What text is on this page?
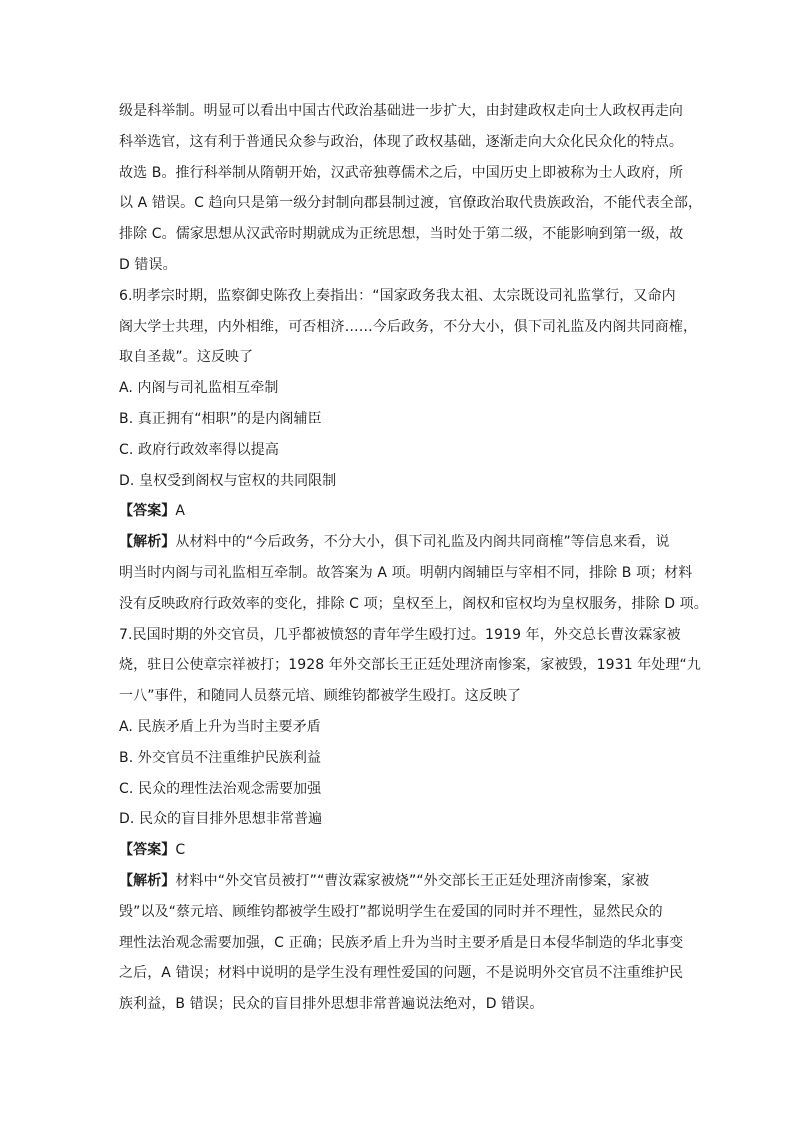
级是科举制。明显可以看出中国古代政治基础进一步扩大，由封建政权走向士人政权再走向
科举选官，这有利于普通民众参与政治，体现了政权基础，逐渐走向大众化民众化的特点。
故选 B。推行科举制从隋朝开始，汉武帝独尊儒术之后，中国历史上即被称为士人政府，所
以 A 错误。C 趋向只是第一级分封制向郡县制过渡，官僚政治取代贵族政治，不能代表全部，
排除 C。儒家思想从汉武帝时期就成为正统思想，当时处于第二级，不能影响到第一级，故
D 错误。
6.明孝宗时期，监察御史陈孜上奏指出：“国家政务我太祖、太宗既设司礼监掌行，又命内
阁大学士共理，内外相维，可否相济……今后政务，不分大小，俱下司礼监及内阁共同商榷，
取自圣裁”。这反映了
A. 内阁与司礼监相互牵制
B. 真正拥有“相职”的是内阁辅臣
C. 政府行政效率得以提高
D. 皇权受到阁权与宦权的共同限制
【答案】A
【解析】从材料中的“今后政务，不分大小，俱下司礼监及内阁共同商榷”等信息来看，说
明当时内阁与司礼监相互牵制。故答案为 A 项。明朝内阁辅臣与宰相不同，排除 B 项；材料
没有反映政府行政效率的变化，排除 C 项；皇权至上，阁权和宦权均为皇权服务，排除 D 项。
7.民国时期的外交官员，几乎都被愤怒的青年学生殴打过。1919 年，外交总长曹汝霖家被
烧，驻日公使章宗祥被打；1928 年外交部长王正廷处理济南惨案，家被毁，1931 年处理“九
一八”事件，和随同人员蔡元培、顾维钧都被学生殴打。这反映了
A. 民族矛盾上升为当时主要矛盾
B. 外交官员不注重维护民族利益
C. 民众的理性法治观念需要加强
D. 民众的盲目排外思想非常普遍
【答案】C
【解析】材料中“外交官员被打”“曹汝霖家被烧”“外交部长王正廷处理济南惨案，家被
毁”以及“蔡元培、顾维钧都被学生殴打”都说明学生在爱国的同时并不理性，显然民众的
理性法治观念需要加强，C 正确；民族矛盾上升为当时主要矛盾是日本侵华制造的华北事变
之后，A 错误；材料中说明的是学生没有理性爱国的问题，不是说明外交官员不注重维护民
族利益，B 错误；民众的盲目排外思想非常普遍说法绝对，D 错误。
